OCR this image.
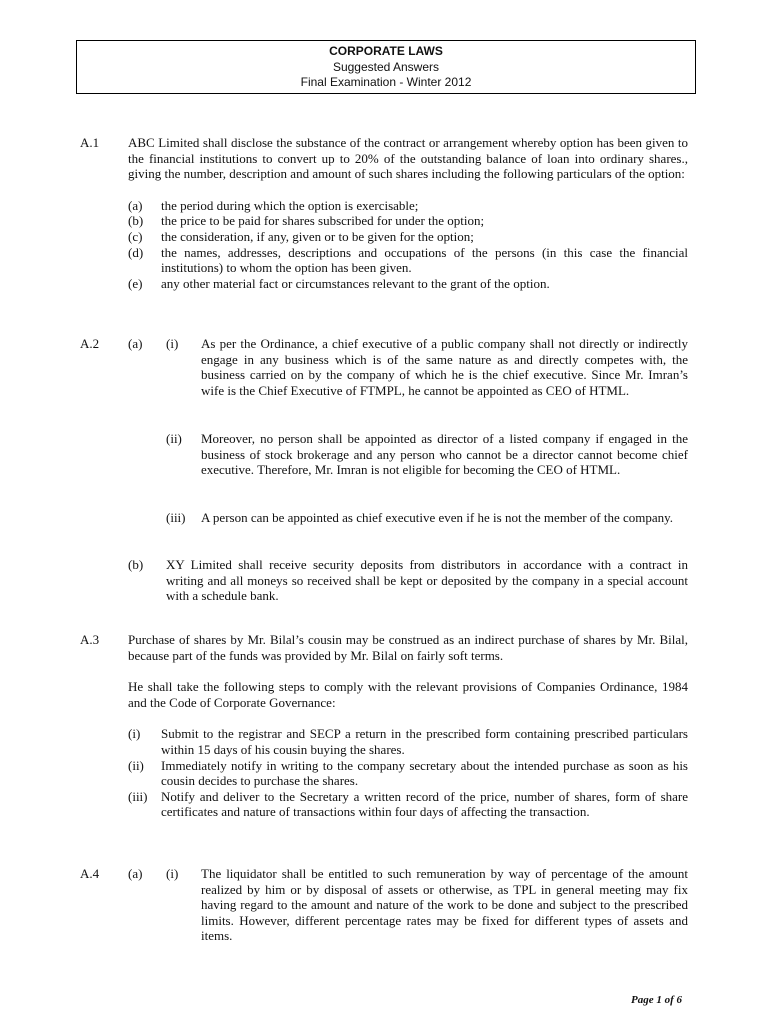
CORPORATE LAWS
Suggested Answers
Final Examination - Winter 2012
A.1 ABC Limited shall disclose the substance of the contract or arrangement whereby option has been given to the financial institutions to convert up to 20% of the outstanding balance of loan into ordinary shares., giving the number, description and amount of such shares including the following particulars of the option:

(a) the period during which the option is exercisable;
(b) the price to be paid for shares subscribed for under the option;
(c) the consideration, if any, given or to be given for the option;
(d) the names, addresses, descriptions and occupations of the persons (in this case the financial institutions) to whom the option has been given.
(e) any other material fact or circumstances relevant to the grant of the option.
A.2 (a) (i) As per the Ordinance, a chief executive of a public company shall not directly or indirectly engage in any business which is of the same nature as and directly competes with, the business carried on by the company of which he is the chief executive. Since Mr. Imran’s wife is the Chief Executive of FTMPL, he cannot be appointed as CEO of HTML.
(ii) Moreover, no person shall be appointed as director of a listed company if engaged in the business of stock brokerage and any person who cannot be a director cannot become chief executive. Therefore, Mr. Imran is not eligible for becoming the CEO of HTML.
(iii) A person can be appointed as chief executive even if he is not the member of the company.
(b) XY Limited shall receive security deposits from distributors in accordance with a contract in writing and all moneys so received shall be kept or deposited by the company in a special account with a schedule bank.
A.3 Purchase of shares by Mr. Bilal’s cousin may be construed as an indirect purchase of shares by Mr. Bilal, because part of the funds was provided by Mr. Bilal on fairly soft terms.

He shall take the following steps to comply with the relevant provisions of Companies Ordinance, 1984 and the Code of Corporate Governance:

(i) Submit to the registrar and SECP a return in the prescribed form containing prescribed particulars within 15 days of his cousin buying the shares.
(ii) Immediately notify in writing to the company secretary about the intended purchase as soon as his cousin decides to purchase the shares.
(iii) Notify and deliver to the Secretary a written record of the price, number of shares, form of share certificates and nature of transactions within four days of affecting the transaction.
A.4 (a) (i) The liquidator shall be entitled to such remuneration by way of percentage of the amount realized by him or by disposal of assets or otherwise, as TPL in general meeting may fix having regard to the amount and nature of the work to be done and subject to the prescribed limits. However, different percentage rates may be fixed for different types of assets and items.
Page 1 of 6
